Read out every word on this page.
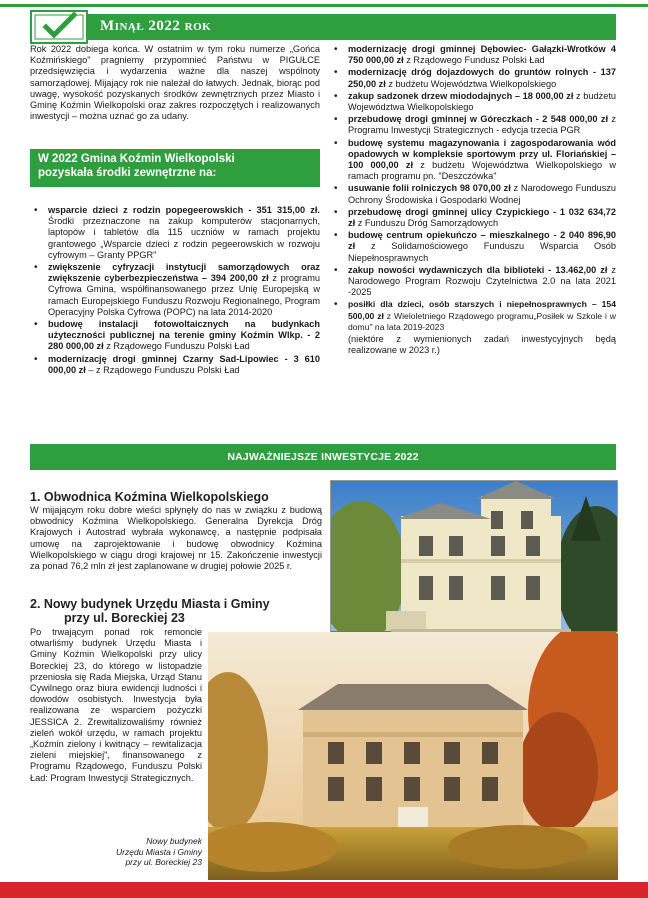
Minął 2022 rok
Rok 2022 dobiega końca. W ostatnim w tym roku numerze „Gońca Koźmińskiego" pragniemy przypomnieć Państwu w PIGUŁCE przedsięwzięcia i wydarzenia ważne dla naszej wspólnoty samorządowej. Mijający rok nie należał do łatwych. Jednak, biorąc pod uwagę, wysokość pozyskanych środków zewnętrznych przez Miasto i Gminę Koźmin Wielkopolski oraz zakres rozpoczętych i realizowanych inwestycji – można uznać go za udany.
W 2022 Gmina Koźmin Wielkopolski
pozyskała środki zewnętrzne na:
• wsparcie dzieci z rodzin popegeerowskich - 351 315,00 zł. Środki przeznaczone na zakup komputerów stacjonarnych, laptopów i tabletów dla 115 uczniów w ramach projektu grantowego „Wsparcie dzieci z rodzin pegeerowskich w rozwoju cyfrowym – Granty PPGR"
• zwiększenie cyfryzacji instytucji samorządowych oraz zwiększenie cyberbezpieczeństwa – 394 200,00 zł z programu Cyfrowa Gmina, współfinansowanego przez Unię Europejską w ramach Europejskiego Funduszu Rozwoju Regionalnego, Program Operacyjny Polska Cyfrowa (POPC) na lata 2014-2020
• budowę instalacji fotowoltaicznych na budynkach użyteczności publicznej na terenie gminy Koźmin Wlkp. - 2 280 000,00 zł z Rządowego Funduszu Polski Ład
• modernizację drogi gminnej Czarny Sad-Lipowiec - 3 610 000,00 zł – z Rządowego Funduszu Polski Ład
• modernizację drogi gminnej Dębowiec- Gałązki-Wrotków 4 750 000,00 zł z Rządowego Fundusz Polski Ład
• modernizację dróg dojazdowych do gruntów rolnych - 137 250,00 zł z budżetu Województwa Wielkopolskiego
• zakup sadzonek drzew miododajnych – 18 000,00 zł z budżetu Województwa Wielkopolskiego
• przebudowę drogi gminnej w Góreczkach - 2 548 000,00 zł z Programu Inwestycji Strategicznych - edycja trzecia PGR
• budowę systemu magazynowania i zagospodarowania wód opadowych w kompleksie sportowym przy ul. Floriańskiej – 100 000,00 zł z budżetu Województwa Wielkopolskiego w ramach programu pn. "Deszczówka"
• usuwanie folii rolniczych 98 070,00 zł z Narodowego Funduszu Ochrony Środowiska i Gospodarki Wodnej
• przebudowę drogi gminnej ulicy Czypickiego - 1 032 634,72 zł z Funduszu Dróg Samorządowych
• budowę centrum opiekuńczo – mieszkalnego - 2 040 896,90 zł z Solidamościowego Funduszu Wsparcia Osób Niepełnosprawnych
• zakup nowości wydawniczych dla biblioteki - 13.462,00 zł z Narodowego Program Rozwoju Czytelnictwa 2.0 na lata 2021 -2025
• posiłki dla dzieci, osób starszych i niepełnosprawnych – 154 500,00 zł z Wieloletniego Rządowego programu„Posiłek w Szkole i w domu" na lata 2019-2023
(niektóre z wymienionych zadań inwestycyjnych będą realizowane w 2023 r.)
NAJWAŻNIEJSZE INWESTYCJE 2022
1. Obwodnica Koźmina Wielkopolskiego
W mijającym roku dobre wieści spłynęły do nas w związku z budową obwodnicy Koźmina Wielkopolskiego. Generalna Dyrekcja Dróg Krajowych i Autostrad wybrała wykonawcę, a następnie podpisała umowę na zaprojektowanie i budowę obwodnicy Koźmina Wielkopolskiego w ciągu drogi krajowej nr 15. Zakończenie inwestycji za ponad 76,2 mln zł jest zaplanowane w drugiej połowie 2025 r.
2. Nowy budynek Urzędu Miasta i Gminy
przy ul. Boreckiej 23
Po trwającym ponad rok remoncie otwarliśmy budynek Urzędu Miasta i Gminy Koźmin Wielkopolski przy ulicy Boreckiej 23, do którego w listopadzie przeniosła się Rada Miejska, Urząd Stanu Cywilnego oraz biura ewidencji ludności i dowodów osobistych. Inwestycja była realizowana ze wsparciem pożyczki JESSICA 2. Zrewitalizowaliśmy również zieleń wokół urzędu, w ramach projektu „Koźmin zielony i kwitnący – rewitalizacja zieleni miejskiej", finansowanego z Programu Rządowego, Funduszu Polski Ład: Program Inwestycji Strategicznych.
Nowy budynek
Urzędu Miasta i Gminy
przy ul. Boreckiej 23
